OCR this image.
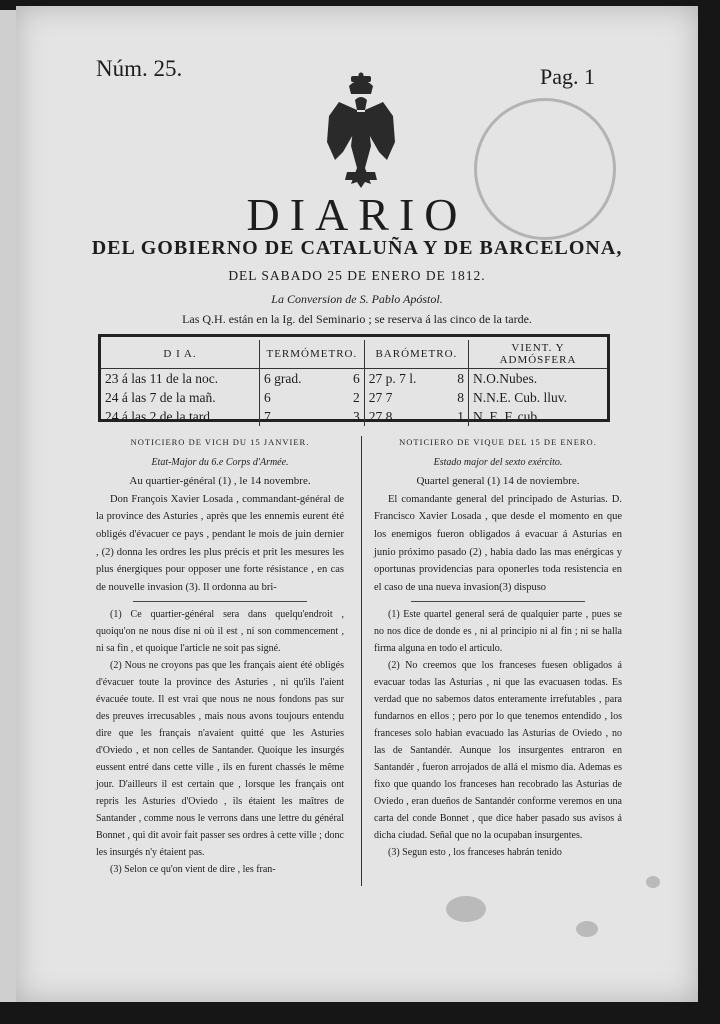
Núm. 25.	Pag. 1
DIARIO
DEL GOBIERNO DE CATALUÑA Y DE BARCELONA,
DEL SABADO 25 DE ENERO DE 1812.
La Conversion de S. Pablo Apóstol.
Las Q.H. están en la Ig. del Seminario ; se reserva á las cinco de la tarde.
D I A.	TERMÓMETRO.		BARÓMETRO.		VIENT. Y ADMÓSFERA
23 á las 11 de la noc.	6 grad.	6	27 p. 7 l.	8	N.O.Nubes.
24 á las 7 de la mañ.	6	2	27 7	8	N.N.E. Cub. lluv.
24 á las 2 de la tard.	7	3	27 8	1	N. E. F. cub.
NOTICIERO DE VICH DU 15 JANVIER.
Etat-Major du 6.e Corps d'Armée.
Au quartier-général (1) , le 14 novembre.

Don François Xavier Losada , commandant-général de la province des Asturies , après que les ennemis eurent été obligés d'évacuer ce pays , pendant le mois de juin dernier , (2) donna les ordres les plus précis et prit les mesures les plus énergiques pour opposer une forte résistance , en cas de nouvelle invasion (3). Il ordonna au bri-

(1) Ce quartier-général sera dans quelqu'endroit , quoiqu'on ne nous dise ni où il est , ni son commencement , ni sa fin , et quoique l'article ne soit pas signé.

(2) Nous ne croyons pas que les français aient été obligés d'évacuer toute la province des Asturies , ni qu'ils l'aient évacuée toute. Il est vrai que nous ne nous fondons pas sur des preuves irrecusables , mais nous avons toujours entendu dire que les français n'avaient quitté que les Asturies d'Oviedo , et non celles de Santander. Quoique les insurgés eussent entré dans cette ville , ils en furent chassés le même jour. D'ailleurs il est certain que , lorsque les français ont repris les Asturies d'Oviedo , ils étaient les maîtres de Santander , comme nous le verrons dans une lettre du général Bonnet , qui dit avoir fait passer ses ordres à cette ville ; donc les insurgés n'y étaient pas.

(3) Selon ce qu'on vient de dire , les fran-

NOTICIERO DE VIQUE DEL 15 DE ENERO.
Estado major del sexto exército.
Quartel general (1) 14 de noviembre.

El comandante general del principado de Asturias. D. Francisco Xavier Losada , que desde el momento en que los enemigos fueron obligados á evacuar á Asturias en junio próximo pasado (2) , habia dado las mas enérgicas y oportunas providencias para oponerles toda resistencia en el caso de una nueva invasion(3) dispuso

(1) Este quartel general será de qualquier parte , pues se no nos dice de donde es , ni al principio ni al fin ; ni se halla firma alguna en todo el articulo.

(2) No creemos que los franceses fuesen obligados á evacuar todas las Asturias , ni que las evacuasen todas. Es verdad que no sabemos datos enteramente irrefutables , para fundarnos en ellos ; pero por lo que tenemos entendido , los franceses solo habian evacuado las Asturias de Oviedo , no las de Santandér. Aunque los insurgentes entraron en Santandér , fueron arrojados de allá el mismo dia. Ademas es fixo que quando los franceses han recobrado las Asturias de Oviedo , eran dueños de Santandér conforme veremos en una carta del conde Bonnet , que dice haber pasado sus avisos á dicha ciudad. Señal que no la ocupaban insurgentes.

(3) Segun esto , los franceses habrán tenido
